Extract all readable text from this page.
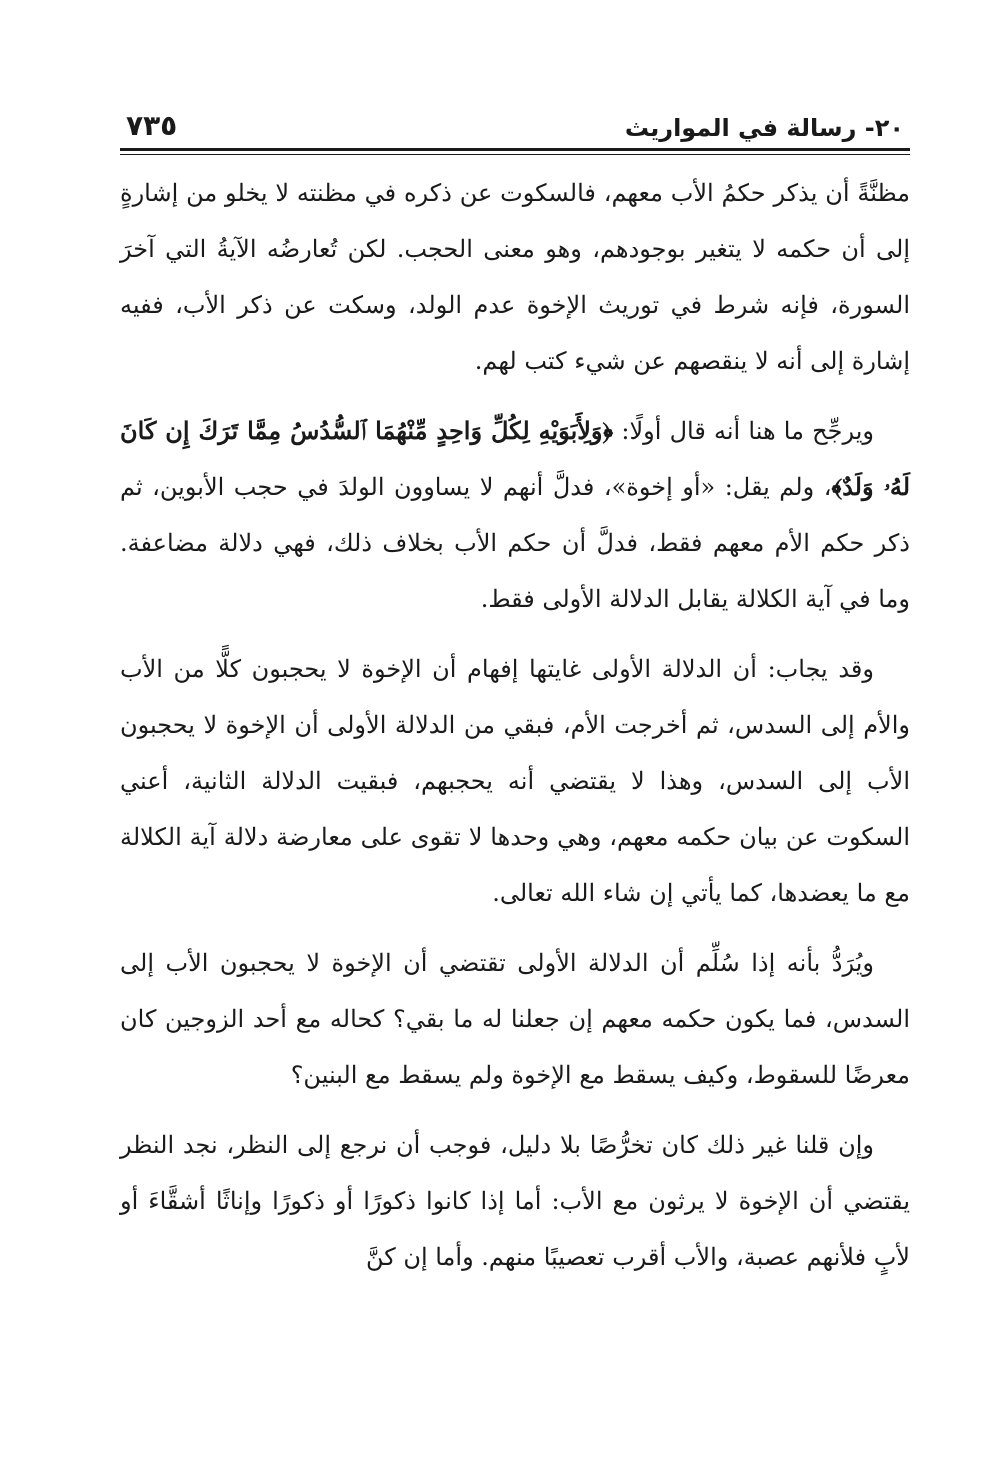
٢٠- رسالة في المواريث
٧٣٥

مظنَّةً أن يذكر حكمُ الأب معهم، فالسكوت عن ذكره في مظنته لا يخلو من إشارةٍ إلى أن حكمه لا يتغير بوجودهم، وهو معنى الحجب. لكن تُعارضُه الآيةُ التي آخرَ السورة، فإنه شرط في توريث الإخوة عدم الولد، وسكت عن ذكر الأب، ففيه إشارة إلى أنه لا ينقصهم عن شيء كتب لهم.

ويرجِّح ما هنا أنه قال أولًا: ﴿وَلِأَبَوَيْهِ لِكُلِّ وَاحِدٍ مِّنْهُمَا ٱلسُّدُسُ مِمَّا تَرَكَ إِن كَانَ لَهُۥ وَلَدٌ﴾، ولم يقل: «أو إخوة»، فدلَّ أنهم لا يساوون الولدَ في حجب الأبوين، ثم ذكر حكم الأم معهم فقط، فدلَّ أن حكم الأب بخلاف ذلك، فهي دلالة مضاعفة. وما في آية الكلالة يقابل الدلالة الأولى فقط.

وقد يجاب: أن الدلالة الأولى غايتها إفهام أن الإخوة لا يحجبون كلًّا من الأب والأم إلى السدس، ثم أخرجت الأم، فبقي من الدلالة الأولى أن الإخوة لا يحجبون الأب إلى السدس، وهذا لا يقتضي أنه يحجبهم، فبقيت الدلالة الثانية، أعني السكوت عن بيان حكمه معهم، وهي وحدها لا تقوى على معارضة دلالة آية الكلالة مع ما يعضدها، كما يأتي إن شاء الله تعالى.

ويُرَدُّ بأنه إذا سُلِّم أن الدلالة الأولى تقتضي أن الإخوة لا يحجبون الأب إلى السدس، فما يكون حكمه معهم إن جعلنا له ما بقي؟ كحاله مع أحد الزوجين كان معرضًا للسقوط، وكيف يسقط مع الإخوة ولم يسقط مع البنين؟

وإن قلنا غير ذلك كان تخرُّصًا بلا دليل، فوجب أن نرجع إلى النظر، نجد النظر يقتضي أن الإخوة لا يرثون مع الأب: أما إذا كانوا ذكورًا أو ذكورًا وإناثًا أشقَّاءَ أو لأبٍ فلأنهم عصبة، والأب أقرب تعصيبًا منهم. وأما إن كنَّ
